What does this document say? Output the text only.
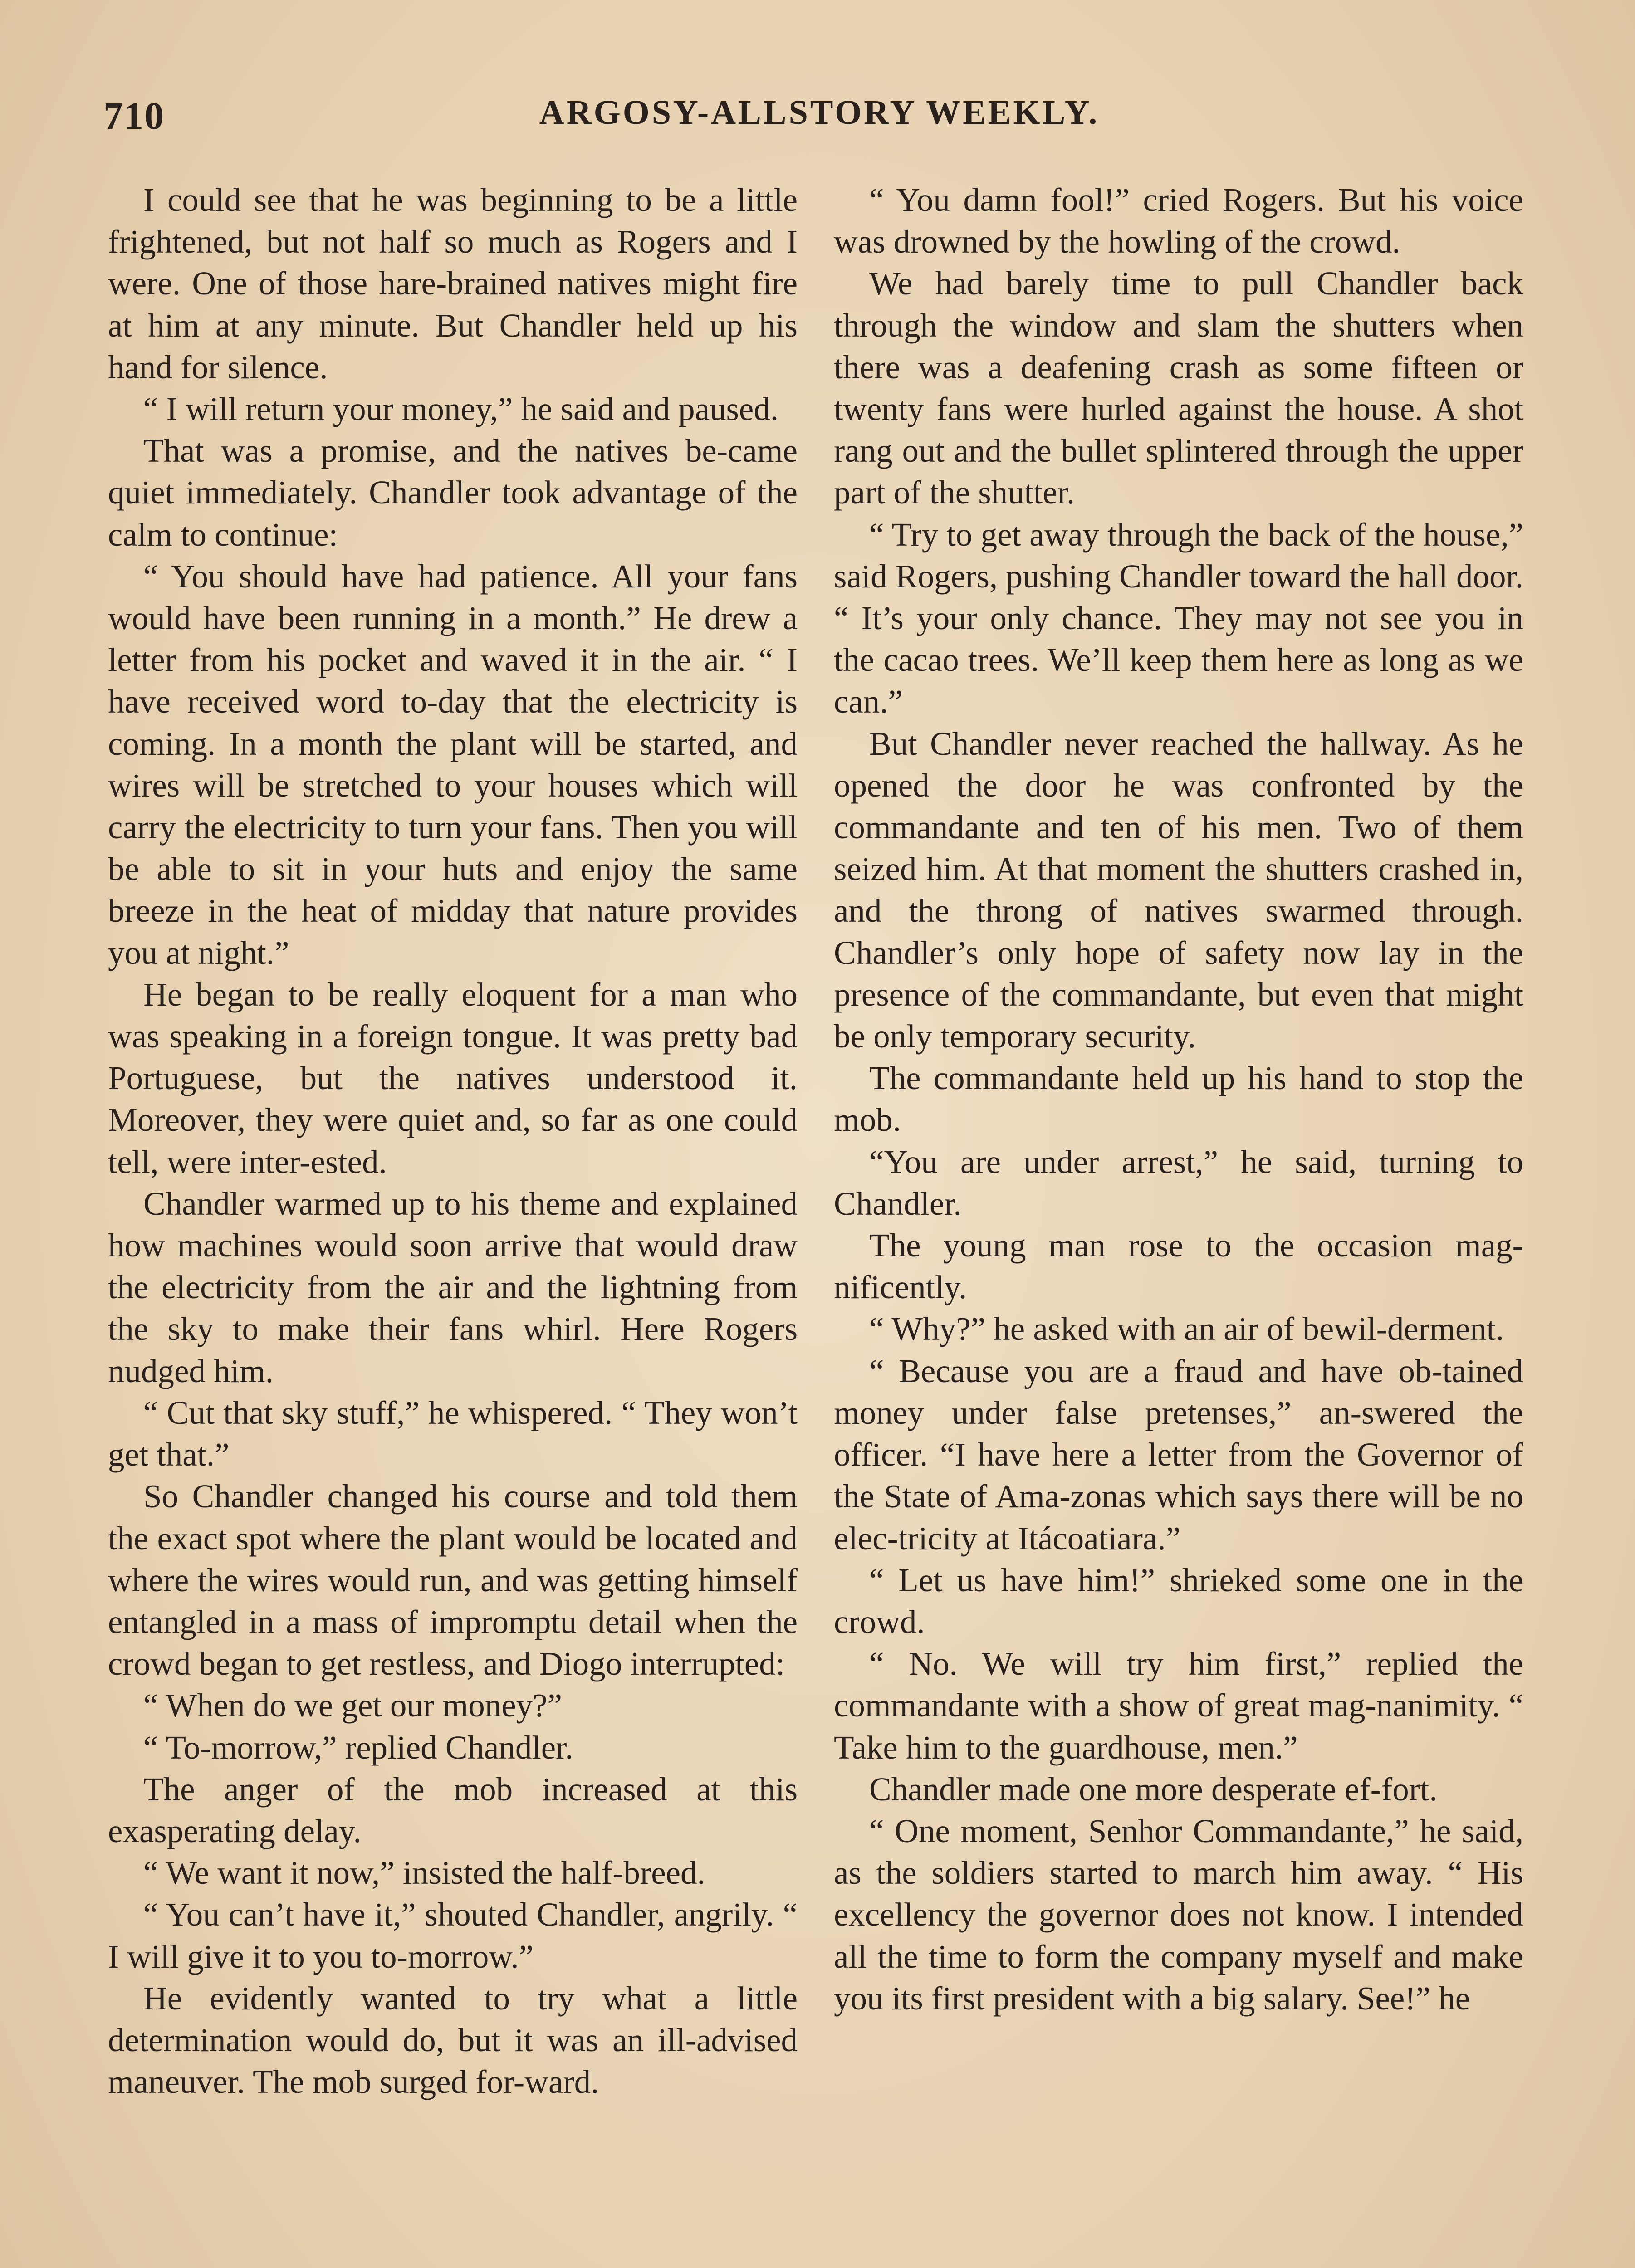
710	ARGOSY-ALLSTORY WEEKLY.

I could see that he was beginning to be a little frightened, but not half so much as Rogers and I were. One of those hare-brained natives might fire at him at any minute. But Chandler held up his hand for silence.

“ I will return your money,” he said and paused.

That was a promise, and the natives be-came quiet immediately. Chandler took advantage of the calm to continue:

“ You should have had patience. All your fans would have been running in a month.” He drew a letter from his pocket and waved it in the air. “ I have received word to-day that the electricity is coming. In a month the plant will be started, and wires will be stretched to your houses which will carry the electricity to turn your fans. Then you will be able to sit in your huts and enjoy the same breeze in the heat of midday that nature provides you at night.”

He began to be really eloquent for a man who was speaking in a foreign tongue. It was pretty bad Portuguese, but the natives understood it. Moreover, they were quiet and, so far as one could tell, were inter-ested.

Chandler warmed up to his theme and explained how machines would soon arrive that would draw the electricity from the air and the lightning from the sky to make their fans whirl. Here Rogers nudged him.

“ Cut that sky stuff,” he whispered. “ They won’t get that.”

So Chandler changed his course and told them the exact spot where the plant would be located and where the wires would run, and was getting himself entangled in a mass of impromptu detail when the crowd began to get restless, and Diogo interrupted:

“ When do we get our money?”

“ To-morrow,” replied Chandler.

The anger of the mob increased at this exasperating delay.

“ We want it now,” insisted the half-breed.

“ You can’t have it,” shouted Chandler, angrily. “ I will give it to you to-morrow.”

He evidently wanted to try what a little determination would do, but it was an ill-advised maneuver. The mob surged for-ward.

“ You damn fool!” cried Rogers. But his voice was drowned by the howling of the crowd.

We had barely time to pull Chandler back through the window and slam the shutters when there was a deafening crash as some fifteen or twenty fans were hurled against the house. A shot rang out and the bullet splintered through the upper part of the shutter.

“ Try to get away through the back of the house,” said Rogers, pushing Chandler toward the hall door. “ It’s your only chance. They may not see you in the cacao trees. We’ll keep them here as long as we can.”

But Chandler never reached the hallway. As he opened the door he was confronted by the commandante and ten of his men. Two of them seized him. At that moment the shutters crashed in, and the throng of natives swarmed through. Chandler’s only hope of safety now lay in the presence of the commandante, but even that might be only temporary security.

The commandante held up his hand to stop the mob.

“You are under arrest,” he said, turning to Chandler.

The young man rose to the occasion mag-nificently.

“ Why?” he asked with an air of bewil-derment.

“ Because you are a fraud and have ob-tained money under false pretenses,” an-swered the officer. “I have here a letter from the Governor of the State of Ama-zonas which says there will be no elec-tricity at Itácoatiara.”

“ Let us have him!” shrieked some one in the crowd.

“ No. We will try him first,” replied the commandante with a show of great mag-nanimity. “ Take him to the guardhouse, men.”

Chandler made one more desperate ef-fort.

“ One moment, Senhor Commandante,” he said, as the soldiers started to march him away. “ His excellency the governor does not know. I intended all the time to form the company myself and make you its first president with a big salary. See!” he
